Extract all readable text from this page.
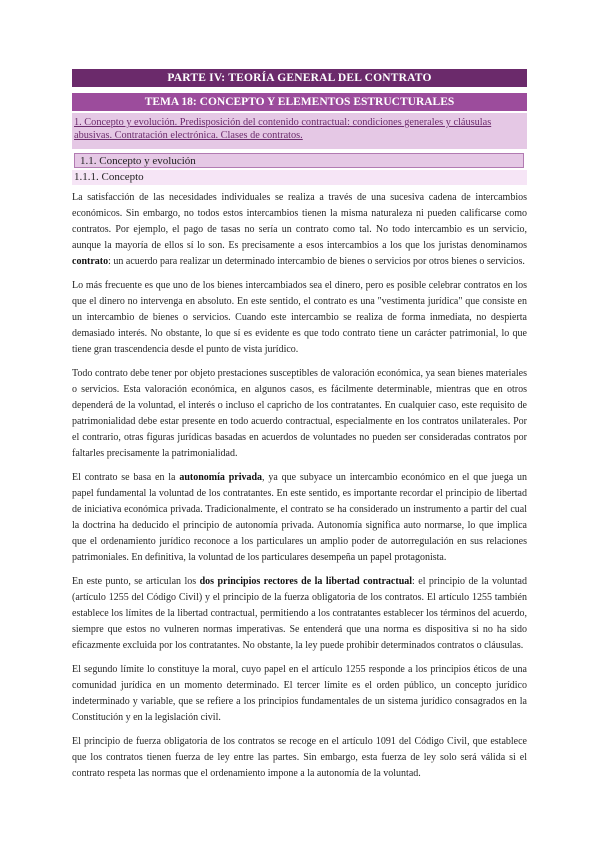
PARTE IV: TEORÍA GENERAL DEL CONTRATO
TEMA 18: CONCEPTO Y ELEMENTOS ESTRUCTURALES
1. Concepto y evolución. Predisposición del contenido contractual: condiciones generales y cláusulas abusivas. Contratación electrónica. Clases de contratos.
1.1. Concepto y evolución
1.1.1. Concepto

La satisfacción de las necesidades individuales se realiza a través de una sucesiva cadena de intercambios económicos. Sin embargo, no todos estos intercambios tienen la misma naturaleza ni pueden calificarse como contratos. Por ejemplo, el pago de tasas no sería un contrato como tal. No todo intercambio es un servicio, aunque la mayoría de ellos sí lo son. Es precisamente a esos intercambios a los que los juristas denominamos contrato: un acuerdo para realizar un determinado intercambio de bienes o servicios por otros bienes o servicios.

Lo más frecuente es que uno de los bienes intercambiados sea el dinero, pero es posible celebrar contratos en los que el dinero no intervenga en absoluto. En este sentido, el contrato es una "vestimenta jurídica" que consiste en un intercambio de bienes o servicios. Cuando este intercambio se realiza de forma inmediata, no despierta demasiado interés. No obstante, lo que sí es evidente es que todo contrato tiene un carácter patrimonial, lo que tiene gran trascendencia desde el punto de vista jurídico.

Todo contrato debe tener por objeto prestaciones susceptibles de valoración económica, ya sean bienes materiales o servicios. Esta valoración económica, en algunos casos, es fácilmente determinable, mientras que en otros dependerá de la voluntad, el interés o incluso el capricho de los contratantes. En cualquier caso, este requisito de patrimonialidad debe estar presente en todo acuerdo contractual, especialmente en los contratos unilaterales. Por el contrario, otras figuras jurídicas basadas en acuerdos de voluntades no pueden ser consideradas contratos por faltarles precisamente la patrimonialidad.

El contrato se basa en la autonomía privada, ya que subyace un intercambio económico en el que juega un papel fundamental la voluntad de los contratantes. En este sentido, es importante recordar el principio de libertad de iniciativa económica privada. Tradicionalmente, el contrato se ha considerado un instrumento a partir del cual la doctrina ha deducido el principio de autonomía privada. Autonomía significa auto normarse, lo que implica que el ordenamiento jurídico reconoce a los particulares un amplio poder de autorregulación en sus relaciones patrimoniales. En definitiva, la voluntad de los particulares desempeña un papel protagonista.

En este punto, se articulan los dos principios rectores de la libertad contractual: el principio de la voluntad (artículo 1255 del Código Civil) y el principio de la fuerza obligatoria de los contratos. El artículo 1255 también establece los límites de la libertad contractual, permitiendo a los contratantes establecer los términos del acuerdo, siempre que estos no vulneren normas imperativas. Se entenderá que una norma es dispositiva si no ha sido eficazmente excluida por los contratantes. No obstante, la ley puede prohibir determinados contratos o cláusulas.

El segundo límite lo constituye la moral, cuyo papel en el artículo 1255 responde a los principios éticos de una comunidad jurídica en un momento determinado. El tercer límite es el orden público, un concepto jurídico indeterminado y variable, que se refiere a los principios fundamentales de un sistema jurídico consagrados en la Constitución y en la legislación civil.

El principio de fuerza obligatoria de los contratos se recoge en el artículo 1091 del Código Civil, que establece que los contratos tienen fuerza de ley entre las partes. Sin embargo, esta fuerza de ley solo será válida si el contrato respeta las normas que el ordenamiento impone a la autonomía de la voluntad.
